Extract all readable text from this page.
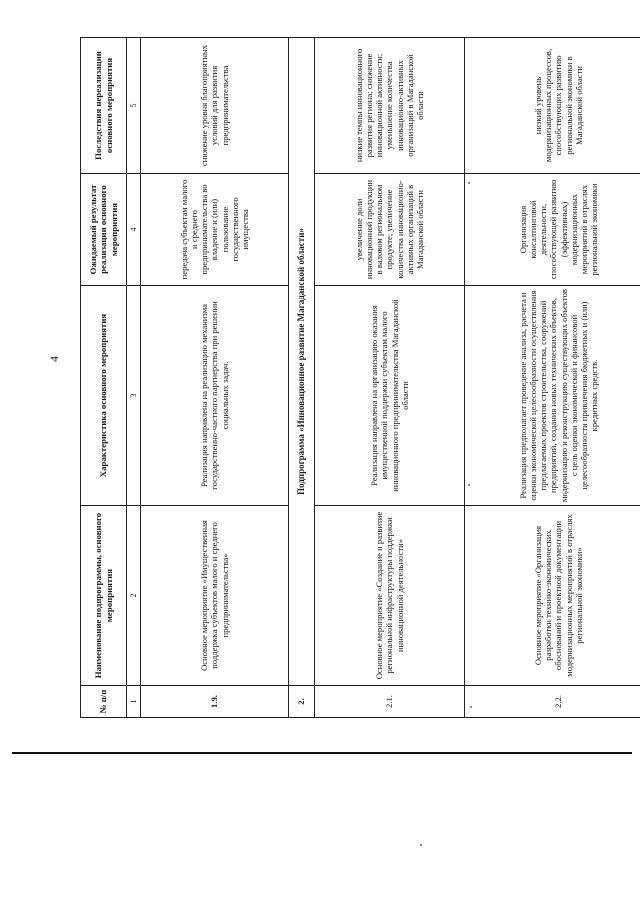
4
№ п/п	Наименование подпрограммы, основного мероприятия	Характеристика основного мероприятия	Ожидаемый результат реализации основного мероприятия	Последствия нереализации основного мероприятия
1	2	3	4	5
1.9.	Основное мероприятие «Имущественная поддержка субъектов малого и среднего предпринимательства»	Реализация направлена на реализацию механизма государственно-частного партнерства при решении социальных задач.	передача субъектам малого и среднего предпринимательства во владение и (или) пользование государственного имущества	снижение уровня благоприятных условий для развития предпринимательства
2.	Подпрограмма «Инновационное развитие Магаданской области»			
2.1.	Основное мероприятие «Создание и развитие региональной инфраструктуры поддержки инновационной деятельности»	Реализация направлена на организацию оказания имущественной поддержки субъектам малого инновационного предпринимательства Магаданской области	увеличение доли инновационной продукции в валовом региональном продукте; увеличение количества инновационно-активных организаций в Магаданской области	низкие темпы инновационного развития региона; снижение инновационной активности; уменьшение количества инновационно-активных организаций в Магаданской области
2.2.	Основное мероприятие «Организация разработки технико-экономических обоснований и проектной документации модернизационных мероприятий в отраслях региональной экономики»	Реализация предполагает проведение анализа, расчета и оценки экономической целесообразности осуществления предлагаемых проектов строительства, сооружений предприятий, создания новых технических объектов, модернизацию и реконструкцию существующих объектов с цель оценки экономической и финансовой целесообразности привлечения бюджетных и (или) кредитных средств.	Организация консалтинговой деятельности, способствующей развитию (эффективных) модернизационных мероприятий в отраслях региональной экономики	низкий уровень модернизационных процессов, способствующих развитию региональной экономики в Магаданской области
